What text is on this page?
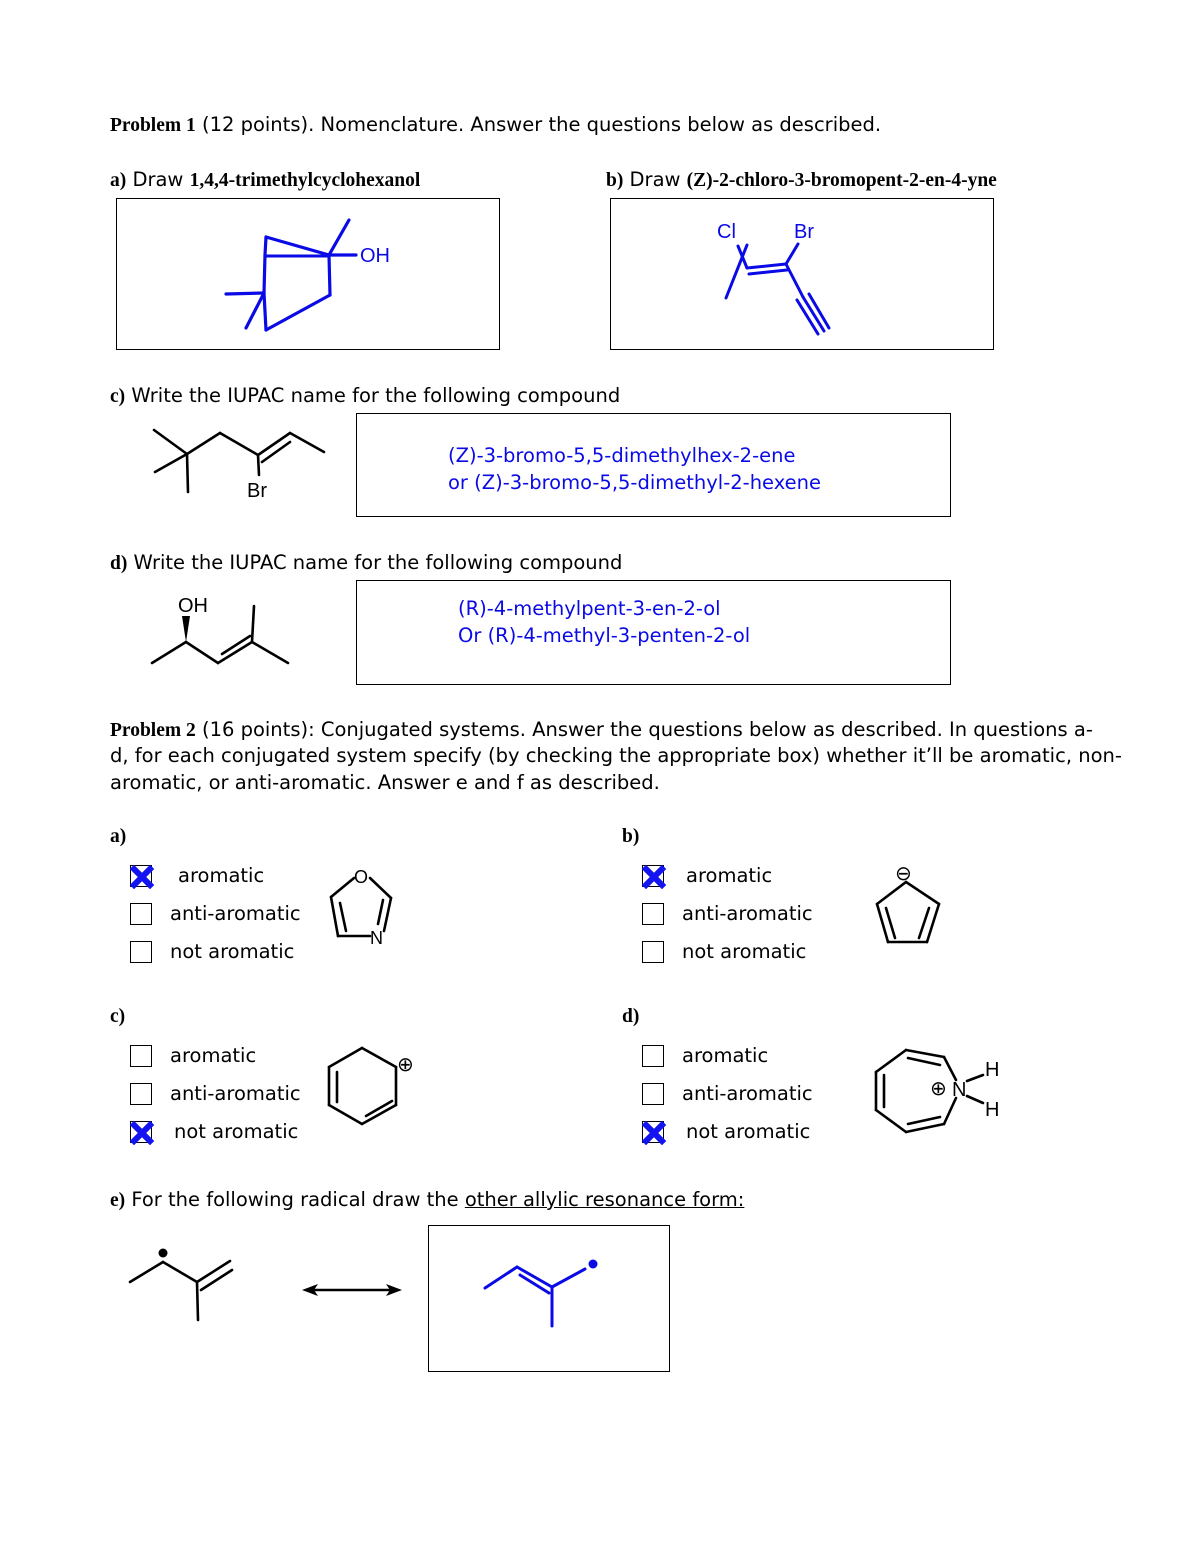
Problem 1 (12 points). Nomenclature. Answer the questions below as described.
a) Draw 1,4,4-trimethylcyclohexanol
OH
b) Draw (Z)-2-chloro-3-bromopent-2-en-4-yne
Cl	Br
c) Write the IUPAC name for the following compound
Br
(Z)-3-bromo-5,5-dimethylhex-2-ene
or (Z)-3-bromo-5,5-dimethyl-2-hexene
d) Write the IUPAC name for the following compound
OH	(R)-4-methylpent-3-en-2-ol
Or (R)-4-methyl-3-penten-2-ol
Problem 2 (16 points): Conjugated systems. Answer the questions below as described. In questions a-
d, for each conjugated system specify (by checking the appropriate box) whether it’ll be aromatic, non-
aromatic, or anti-aromatic. Answer e and f as described.
a)	b)
c)	d)
aromatic
anti-aromatic
not aromatic
aromatic
anti-aromatic
not aromatic
aromatic
anti-aromatic
not aromatic
aromatic
anti-aromatic
not aromatic
O
N
⊖
⊕
⊕ N
H
H
e) For the following radical draw the other allylic resonance form:
